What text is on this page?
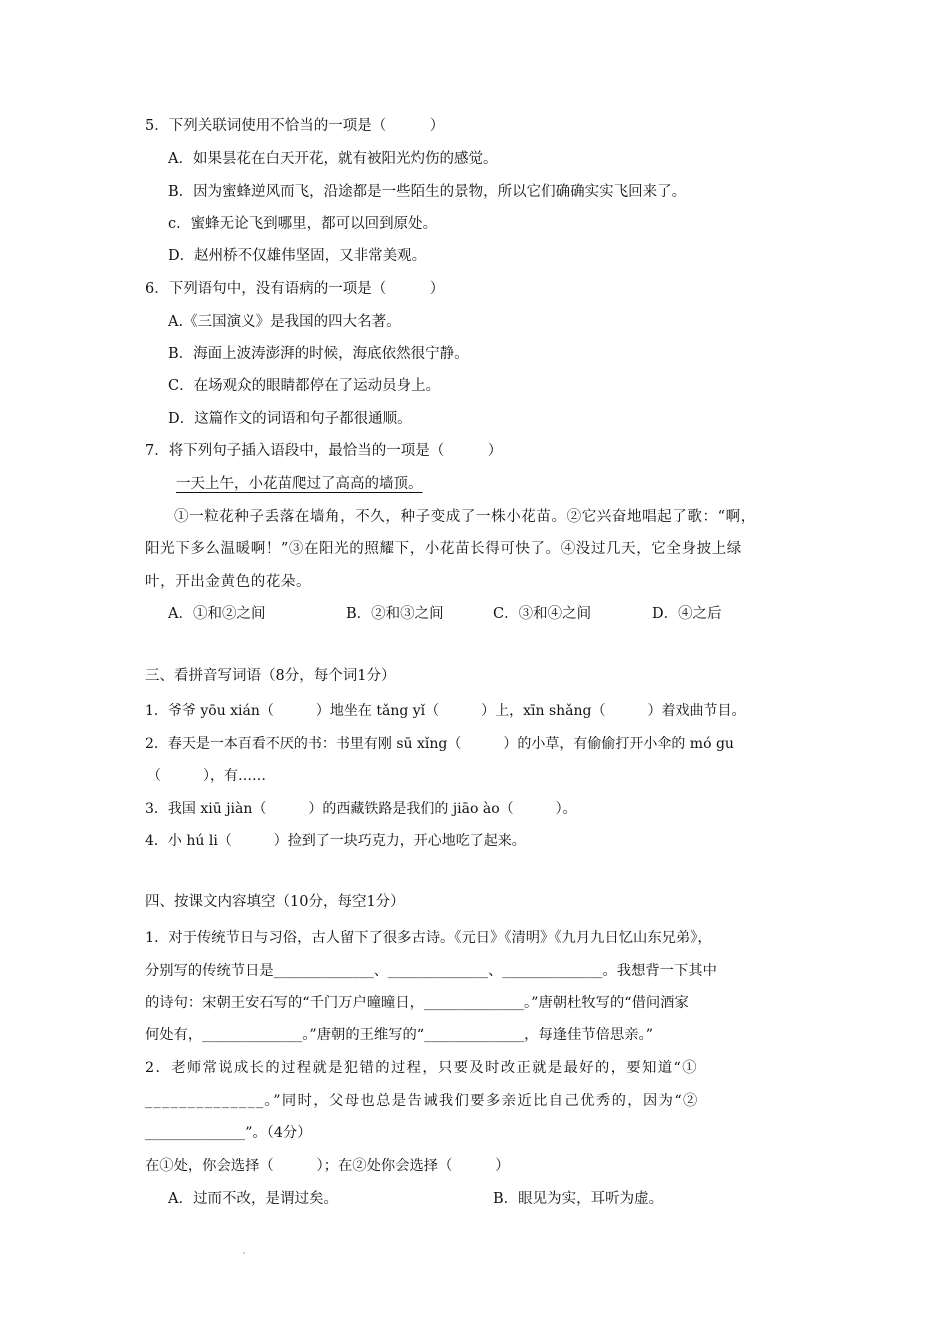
5．下列关联词使用不恰当的一项是（　　　）
A．如果昙花在白天开花，就有被阳光灼伤的感觉。
B．因为蜜蜂逆风而飞，沿途都是一些陌生的景物，所以它们确确实实飞回来了。
c．蜜蜂无论飞到哪里，都可以回到原处。
D．赵州桥不仅雄伟坚固，又非常美观。
6．下列语句中，没有语病的一项是（　　　）
A.《三国演义》是我国的四大名著。
B．海面上波涛澎湃的时候，海底依然很宁静。
C．在场观众的眼睛都停在了运动员身上。
D．这篇作文的词语和句子都很通顺。
7．将下列句子插入语段中，最恰当的一项是（　　　）
一天上午，小花苗爬过了高高的墙顶。
①一粒花种子丢落在墙角，不久，种子变成了一株小花苗。②它兴奋地唱起了歌：“啊，
阳光下多么温暖啊！”③在阳光的照耀下，小花苗长得可快了。④没过几天，它全身披上绿
叶，开出金黄色的花朵。
A．①和②之间	B．②和③之间	C．③和④之间	D．④之后
三、看拼音写词语（8分，每个词1分）
1．爷爷 yōu xián（　　　）地坐在 tǎng yǐ（　　　）上，xīn shǎng（　　　）着戏曲节目。
2．春天是一本百看不厌的书：书里有刚 sū xǐng（　　　）的小草，有偷偷打开小伞的 mó gu
（　　　），有……
3．我国 xiū jiàn（　　　）的西藏铁路是我们的 jiāo ào（　　　）。
4．小 hú li（　　　）捡到了一块巧克力，开心地吃了起来。
四、按课文内容填空（10分，每空1分）
1．对于传统节日与习俗，古人留下了很多古诗。《元日》《清明》《九月九日忆山东兄弟》，
分别写的传统节日是______________、______________、______________。我想背一下其中
的诗句：宋朝王安石写的“千门万户曈曈日，______________。”唐朝杜牧写的“借问酒家
何处有，______________。”唐朝的王维写的“______________，每逢佳节倍思亲。”
2．老师常说成长的过程就是犯错的过程，只要及时改正就是最好的，要知道“①
______________。”同时，父母也总是告诫我们要多亲近比自己优秀的，因为“②
______________”。（4分）
在①处，你会选择（　　　）；在②处你会选择（　　　）
A．过而不改，是谓过矣。	B．眼见为实，耳听为虚。
